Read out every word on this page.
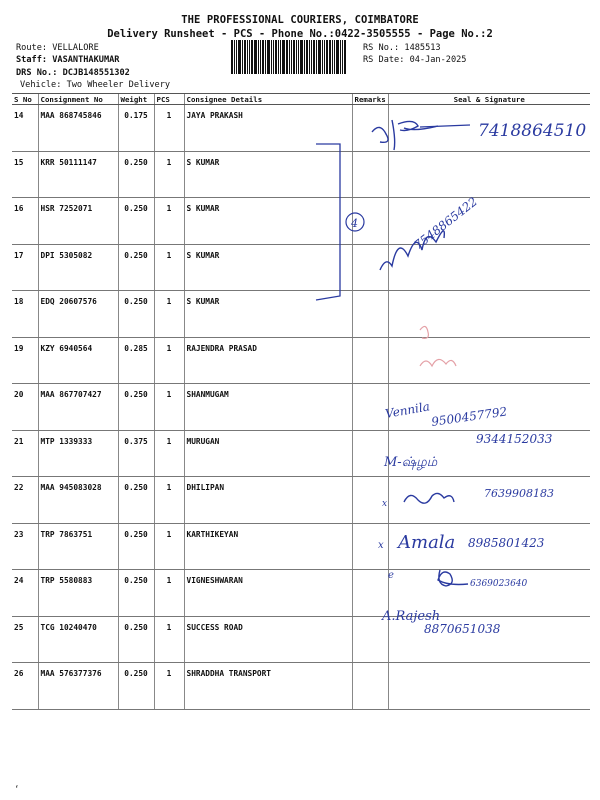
THE PROFESSIONAL COURIERS, COIMBATORE
Delivery Runsheet - PCS - Phone No.:0422-3505555 - Page No.:2
Route: VELLALORE
Staff: VASANTHAKUMAR
DRS No.: DCJB148551302
Vehicle: Two Wheeler Delivery
RS No.: 1485513
RS Date: 04-Jan-2025
S No	Consignment No	Weight	PCS	Consignee Details	Remarks	Seal & Signature
14	MAA 868745846	0.175	1	JAYA PRAKASH		
15	KRR 50111147	0.250	1	S KUMAR		
16	HSR 7252071	0.250	1	S KUMAR		
17	DPI 5305082	0.250	1	S KUMAR		
18	EDQ 20607576	0.250	1	S KUMAR		
19	KZY 6940564	0.285	1	RAJENDRA PRASAD		
20	MAA 867707427	0.250	1	SHANMUGAM		
21	MTP 1339333	0.375	1	MURUGAN		
22	MAA 945083028	0.250	1	DHILIPAN		
23	TRP 7863751	0.250	1	KARTHIKEYAN		
24	TRP 5580883	0.250	1	VIGNESHWARAN		
25	TCG 10240470	0.250	1	SUCCESS ROAD		
26	MAA 576377376	0.250	1	SHRADDHA TRANSPORT		
7418864510
4	7548865422
Vennila 9500457792
9344152033
M-ஷ்ழம்
x
7639908183
x Amala 8985801423
e
6369023640
A.Rajesh
8870651038
‘
